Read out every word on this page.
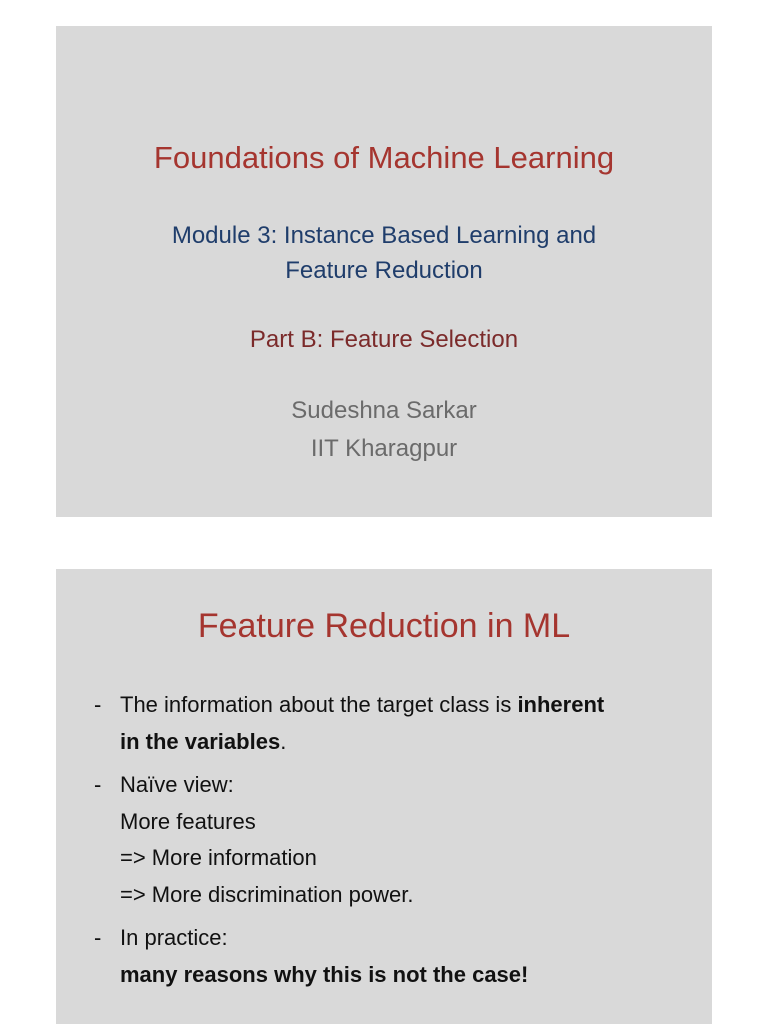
Foundations of Machine Learning
Module 3: Instance Based Learning and
Feature Reduction
Part B: Feature Selection
Sudeshna Sarkar
IIT Kharagpur
Feature Reduction in ML
- The information about the target class is inherent
in the variables.
- Naïve view:
More features
=> More information
=> More discrimination power.
- In practice:
many reasons why this is not the case!
